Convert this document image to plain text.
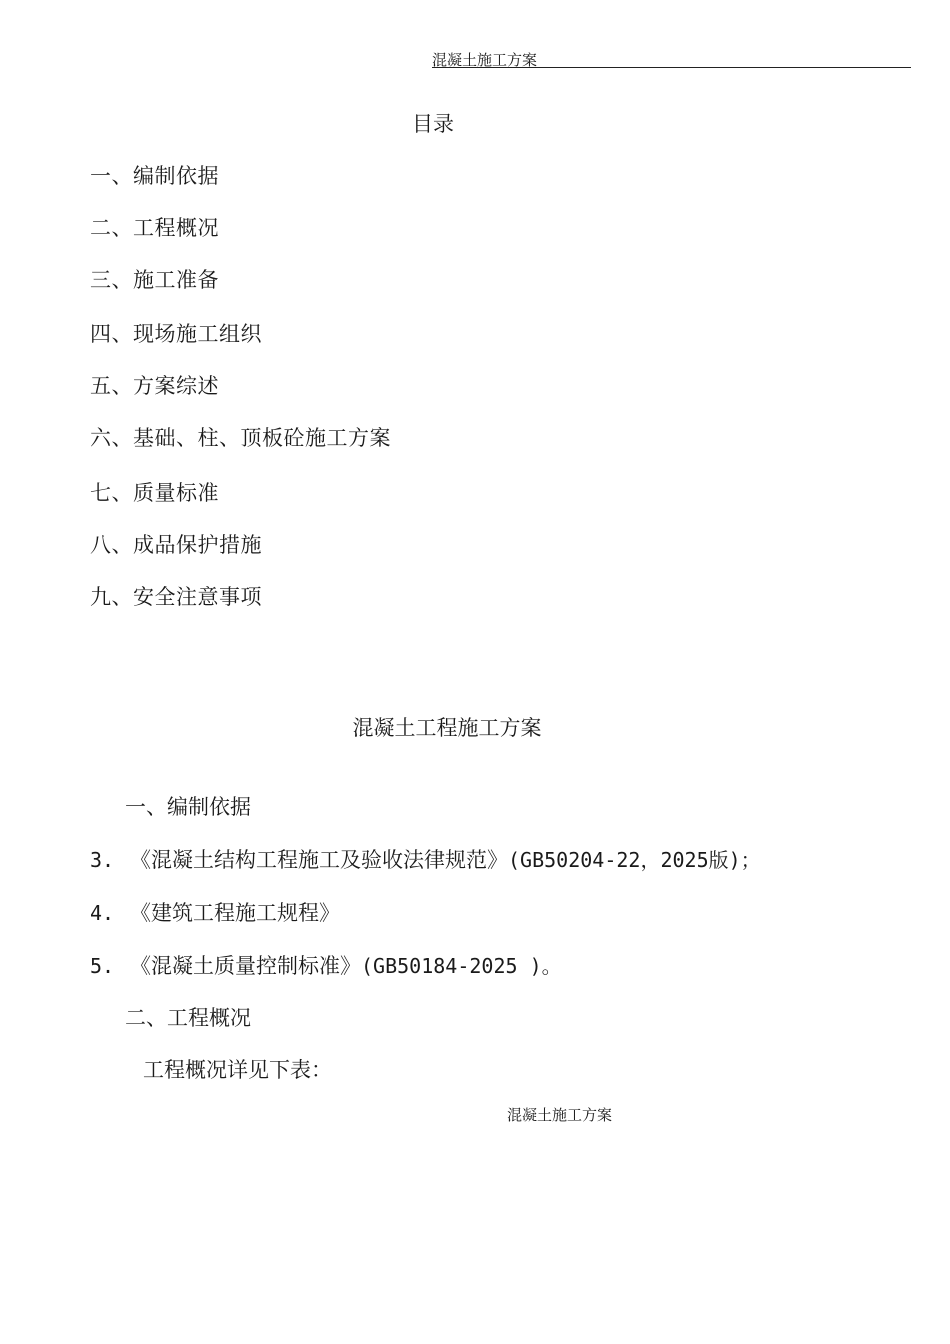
混凝土施工方案
目录
一、编制依据
二、工程概况
三、施工准备
四、现场施工组织
五、方案综述
六、基础、柱、顶板砼施工方案
七、质量标准
八、成品保护措施
九、安全注意事项
混凝土工程施工方案
一、编制依据
3. 《混凝土结构工程施工及验收法律规范》(GB50204-22，2025版)；
4. 《建筑工程施工规程》
5. 《混凝土质量控制标准》(GB50184-2025 )。
二、工程概况
工程概况详见下表：
混凝土施工方案
